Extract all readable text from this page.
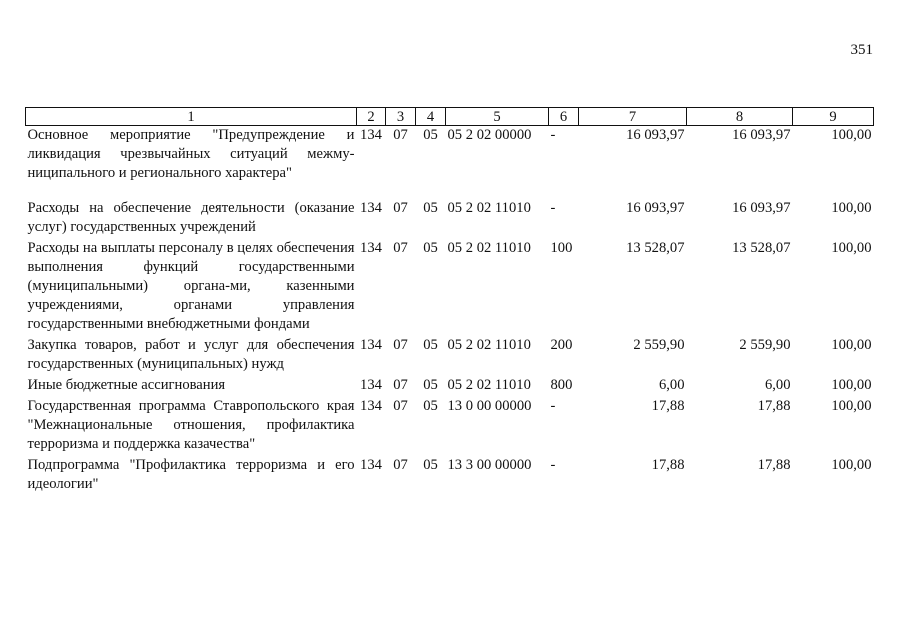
351
1	2	3	4	5	6	7	8	9
Основное мероприятие "Предупреждение и ликвидация чрезвычайных ситуаций межму-ниципального и регионального характера"	134	07	05	05 2 02 00000	-	16 093,97	16 093,97	100,00
Расходы на обеспечение деятельности (оказание услуг) государственных учреждений	134	07	05	05 2 02 11010	-	16 093,97	16 093,97	100,00
Расходы на выплаты персоналу в целях обеспечения выполнения функций государственными (муниципальными) органа-ми, казенными учреждениями, органами управления государственными внебюджетными фондами	134	07	05	05 2 02 11010	100	13 528,07	13 528,07	100,00
Закупка товаров, работ и услуг для обеспечения государственных (муниципальных) нужд	134	07	05	05 2 02 11010	200	2 559,90	2 559,90	100,00
Иные бюджетные ассигнования	134	07	05	05 2 02 11010	800	6,00	6,00	100,00
Государственная программа Ставропольского края "Межнациональные отношения, профилактика терроризма и поддержка казачества"	134	07	05	13 0 00 00000	-	17,88	17,88	100,00
Подпрограмма "Профилактика терроризма и его идеологии"	134	07	05	13 3 00 00000	-	17,88	17,88	100,00
